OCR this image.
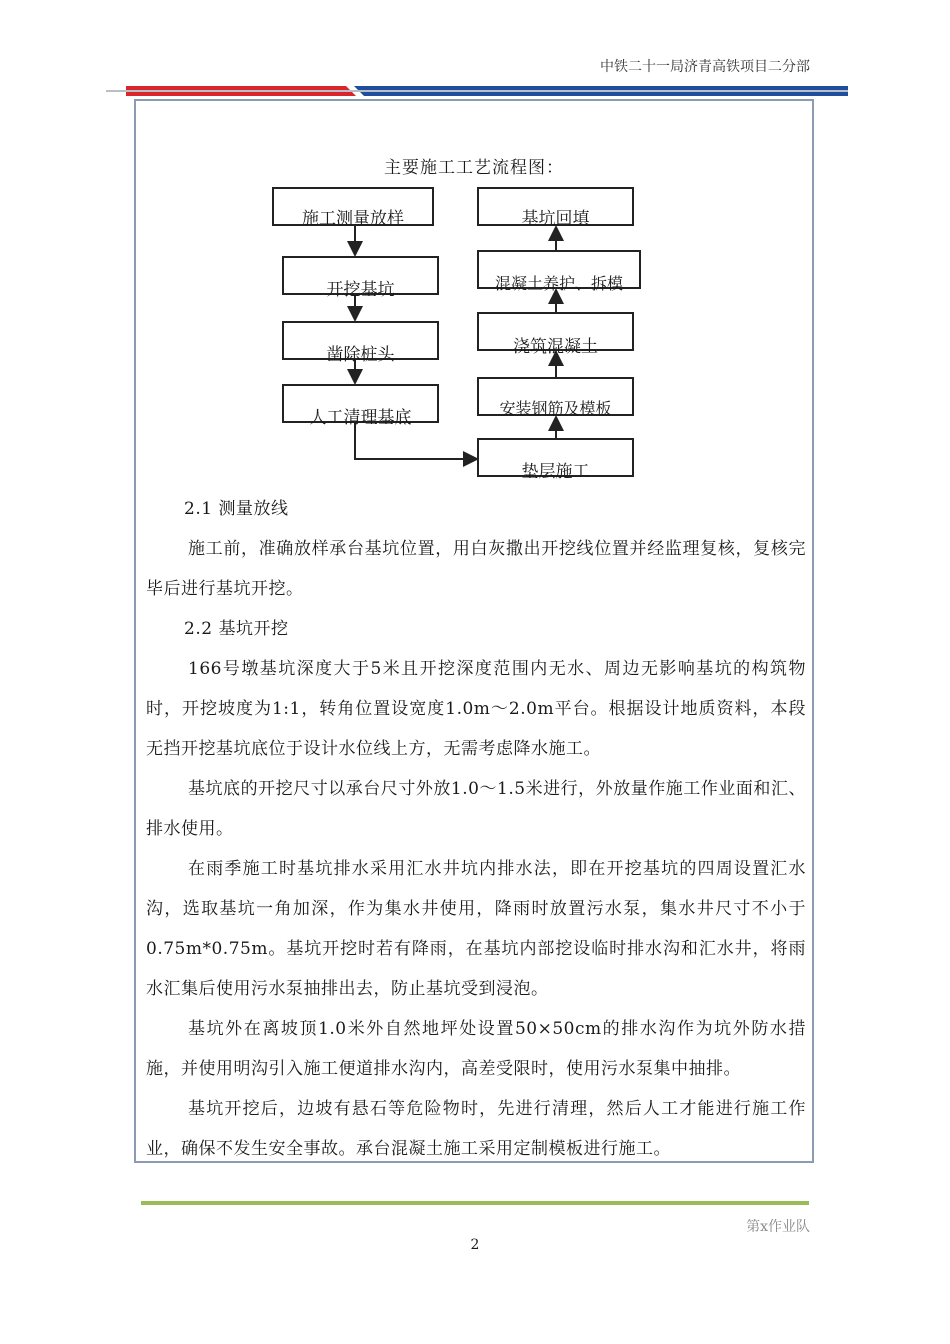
中铁二十一局济青高铁项目二分部
主要施工工艺流程图：
施工测量放样
开挖基坑
凿除桩头
人工清理基底
基坑回填
混凝土养护、拆模
浇筑混凝土
安装钢筋及模板
垫层施工
2.1 测量放线
施工前，准确放样承台基坑位置，用白灰撒出开挖线位置并经监理复核，复核完毕后进行基坑开挖。
2.2 基坑开挖
166号墩基坑深度大于5米且开挖深度范围内无水、周边无影响基坑的构筑物时，开挖坡度为1:1，转角位置设宽度1.0m～2.0m平台。根据设计地质资料，本段无挡开挖基坑底位于设计水位线上方，无需考虑降水施工。
基坑底的开挖尺寸以承台尺寸外放1.0～1.5米进行，外放量作施工作业面和汇、排水使用。
在雨季施工时基坑排水采用汇水井坑内排水法，即在开挖基坑的四周设置汇水沟，选取基坑一角加深，作为集水井使用，降雨时放置污水泵，集水井尺寸不小于0.75m*0.75m。基坑开挖时若有降雨，在基坑内部挖设临时排水沟和汇水井，将雨水汇集后使用污水泵抽排出去，防止基坑受到浸泡。
基坑外在离坡顶1.0米外自然地坪处设置50×50cm的排水沟作为坑外防水措施，并使用明沟引入施工便道排水沟内，高差受限时，使用污水泵集中抽排。
基坑开挖后，边坡有悬石等危险物时，先进行清理，然后人工才能进行施工作业，确保不发生安全事故。承台混凝土施工采用定制模板进行施工。
第x作业队
2
